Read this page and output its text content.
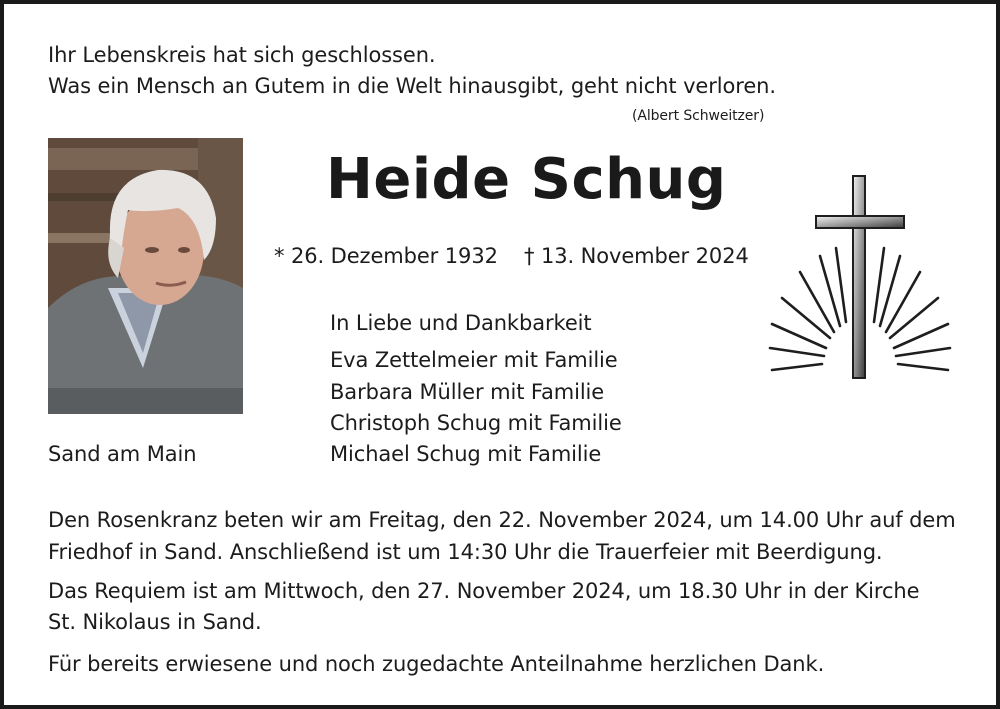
Ihr Lebenskreis hat sich geschlossen.
Was ein Mensch an Gutem in die Welt hinausgibt, geht nicht verloren.
(Albert Schweitzer)
Heide Schug
* 26. Dezember 1932 † 13. November 2024
In Liebe und Dankbarkeit
Eva Zettelmeier mit Familie
Barbara Müller mit Familie
Christoph Schug mit Familie
Michael Schug mit Familie
Sand am Main
Den Rosenkranz beten wir am Freitag, den 22. November 2024, um 14.00 Uhr auf dem
Friedhof in Sand. Anschließend ist um 14:30 Uhr die Trauerfeier mit Beerdigung.
Das Requiem ist am Mittwoch, den 27. November 2024, um 18.30 Uhr in der Kirche
St. Nikolaus in Sand.
Für bereits erwiesene und noch zugedachte Anteilnahme herzlichen Dank.
